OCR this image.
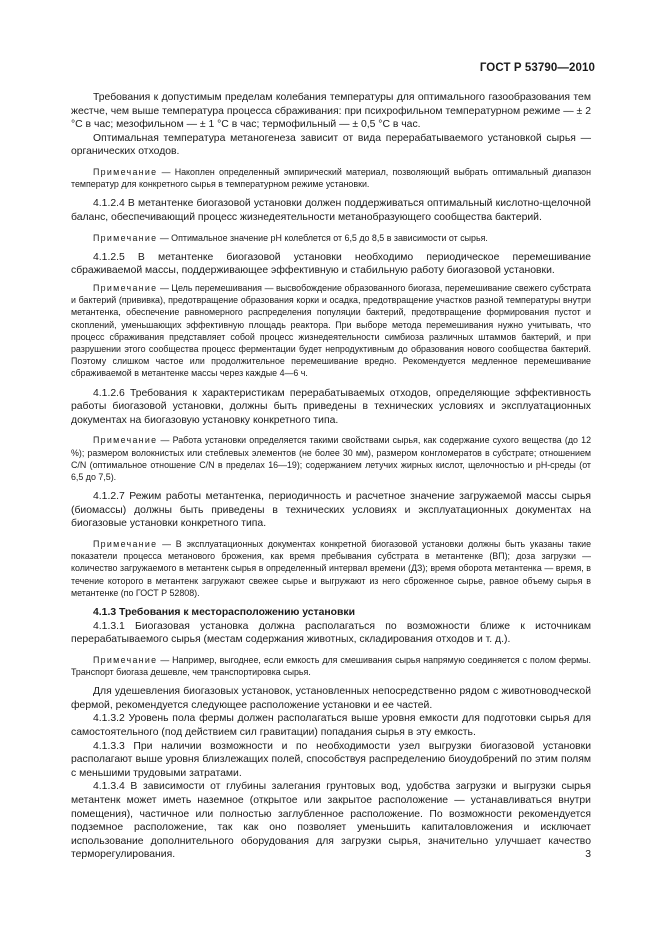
ГОСТ Р 53790—2010

Требования к допустимым пределам колебания температуры для оптимального газообразования тем жестче, чем выше температура процесса сбраживания: при психрофильном температурном режиме — ± 2 °С в час; мезофильном — ± 1 °С в час; термофильный — ± 0,5 °С в час.

Оптимальная температура метаногенеза зависит от вида перерабатываемого установкой сырья — органических отходов.

Примечание — Накоплен определенный эмпирический материал, позволяющий выбрать оптимальный диапазон температур для конкретного сырья в температурном режиме установки.

4.1.2.4 В метантенке биогазовой установки должен поддерживаться оптимальный кислотно-щелочной баланс, обеспечивающий процесс жизнедеятельности метанобразующего сообщества бактерий.

Примечание — Оптимальное значение рН колеблется от 6,5 до 8,5 в зависимости от сырья.

4.1.2.5 В метантенке биогазовой установки необходимо периодическое перемешивание сбраживаемой массы, поддерживающее эффективную и стабильную работу биогазовой установки.

Примечание — Цель перемешивания — высвобождение образованного биогаза, перемешивание свежего субстрата и бактерий (прививка), предотвращение образования корки и осадка, предотвращение участков разной температуры внутри метантенка, обеспечение равномерного распределения популяции бактерий, предотвращение формирования пустот и скоплений, уменьшающих эффективную площадь реактора. При выборе метода перемешивания нужно учитывать, что процесс сбраживания представляет собой процесс жизнедеятельности симбиоза различных штаммов бактерий, и при разрушении этого сообщества процесс ферментации будет непродуктивным до образования нового сообщества бактерий. Поэтому слишком частое или продолжительное перемешивание вредно. Рекомендуется медленное перемешивание сбраживаемой в метантенке массы через каждые 4—6 ч.

4.1.2.6 Требования к характеристикам перерабатываемых отходов, определяющие эффективность работы биогазовой установки, должны быть приведены в технических условиях и эксплуатационных документах на биогазовую установку конкретного типа.

Примечание — Работа установки определяется такими свойствами сырья, как содержание сухого вещества (до 12 %); размером волокнистых или стеблевых элементов (не более 30 мм), размером конгломератов в субстрате; отношением C/N (оптимальное отношение C/N в пределах 16—19); содержанием летучих жирных кислот, щелочностью и рН-среды (от 6,5 до 7,5).

4.1.2.7 Режим работы метантенка, периодичность и расчетное значение загружаемой массы сырья (биомассы) должны быть приведены в технических условиях и эксплуатационных документах на биогазовые установки конкретного типа.

Примечание — В эксплуатационных документах конкретной биогазовой установки должны быть указаны такие показатели процесса метанового брожения, как время пребывания субстрата в метантенке (ВП); доза загрузки — количество загружаемого в метантенк сырья в определенный интервал времени (ДЗ); время оборота метантенка — время, в течение которого в метантенк загружают свежее сырье и выгружают из него сброженное сырье, равное объему сырья в метантенке (по ГОСТ Р 52808).

4.1.3 Требования к месторасположению установки

4.1.3.1 Биогазовая установка должна располагаться по возможности ближе к источникам перерабатываемого сырья (местам содержания животных, складирования отходов и т. д.).

Примечание — Например, выгоднее, если емкость для смешивания сырья напрямую соединяется с полом фермы. Транспорт биогаза дешевле, чем транспортировка сырья.

Для удешевления биогазовых установок, установленных непосредственно рядом с животноводческой фермой, рекомендуется следующее расположение установки и ее частей.

4.1.3.2 Уровень пола фермы должен располагаться выше уровня емкости для подготовки сырья для самостоятельного (под действием сил гравитации) попадания сырья в эту емкость.

4.1.3.3 При наличии возможности и по необходимости узел выгрузки биогазовой установки располагают выше уровня близлежащих полей, способствуя распределению биоудобрений по этим полям с меньшими трудовыми затратами.

4.1.3.4 В зависимости от глубины залегания грунтовых вод, удобства загрузки и выгрузки сырья метантенк может иметь наземное (открытое или закрытое расположение — устанавливаться внутри помещения), частичное или полностью заглубленное расположение. По возможности рекомендуется подземное расположение, так как оно позволяет уменьшить капиталовложения и исключает использование дополнительного оборудования для загрузки сырья, значительно улучшает качество терморегулирования.	3
